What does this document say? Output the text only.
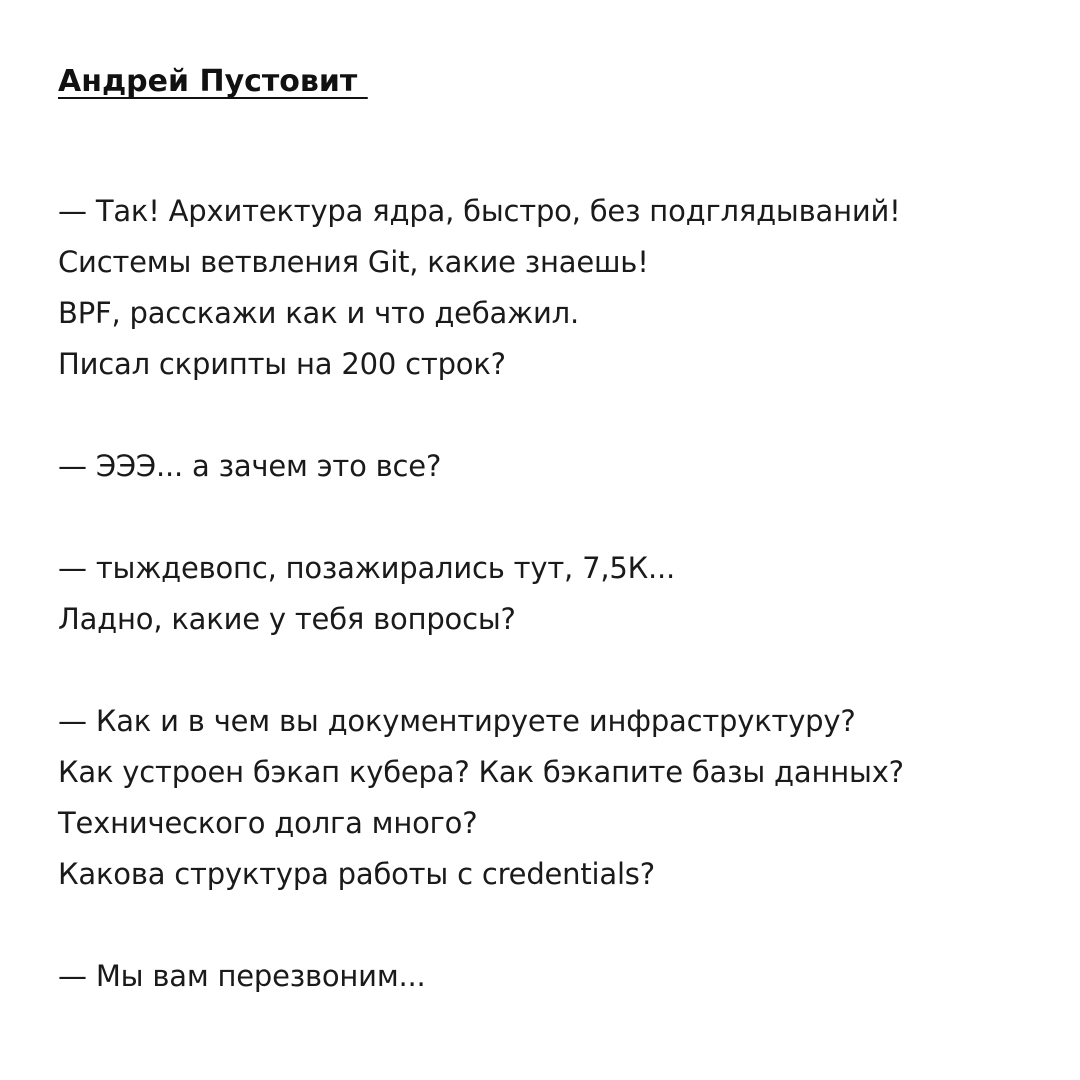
Андрей Пустовит
— Так! Архитектура ядра, быстро, без подглядываний!
Системы ветвления Git, какие знаешь!
BPF, расскажи как и что дебажил.
Писал скрипты на 200 строк?
— ЭЭЭ... а зачем это все?
— тыждевопс, позажирались тут, 7,5К...
Ладно, какие у тебя вопросы?
— Как и в чем вы документируете инфраструктуру?
Как устроен бэкап кубера? Как бэкапите базы данных?
Технического долга много?
Какова структура работы с credentials?
— Мы вам перезвоним...
